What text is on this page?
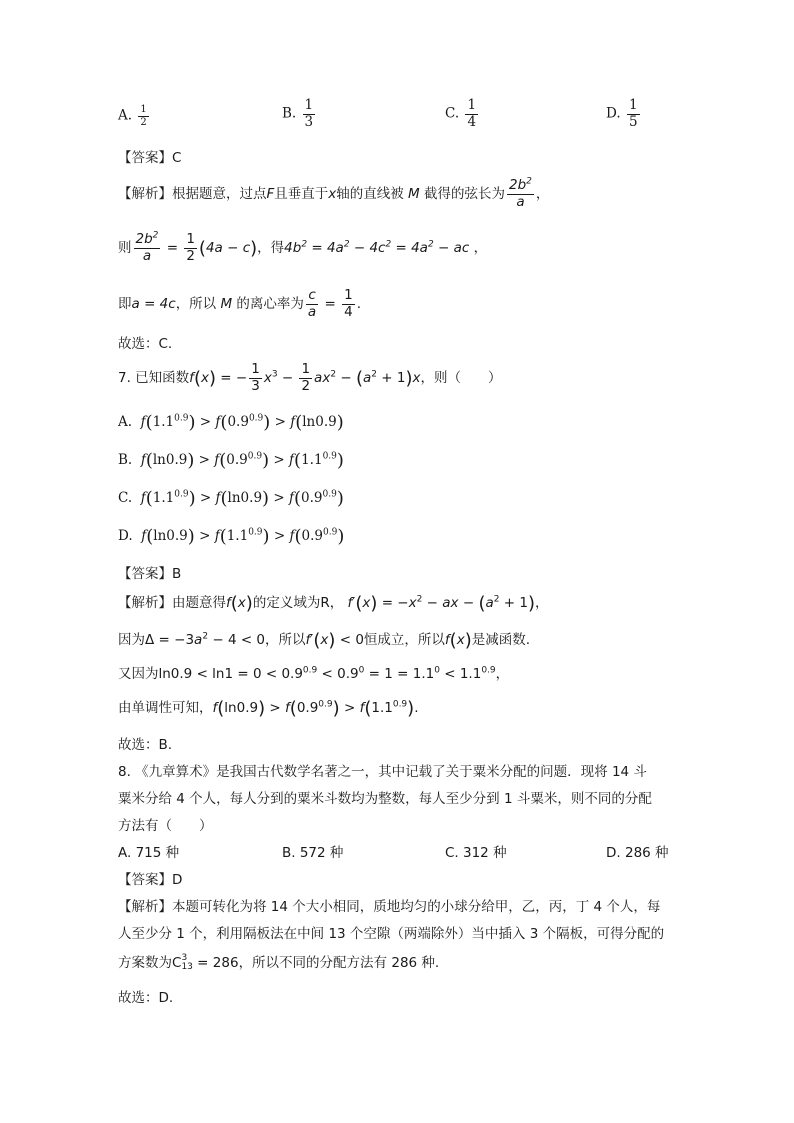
A. $\frac{1}{2}$	B. $\frac{1}{3}$	C. $\frac{1}{4}$	D. $\frac{1}{5}$
【答案】C
【解析】根据题意，过点F且垂直于x轴的直线被 M 截得的弦长为 $\frac{2b^2}{a}$ ，
则 $\frac{2b^2}{a} = \frac{1}{2} (4a - c)$，得$4b^2 = 4a^2 - 4c^2 = 4a^2$ − ac ，
即a = 4c，所以 M 的离心率为 $\frac{c}{a} = \frac{1}{4}$ .
故选：C.
7. 已知函数f(x) = − $\frac{1}{3} x^3 - \frac{1}{2} ax^2 - (a^2 + 1)x$，则（　　）
A. $f(1.1^{0.9}) > f(0.9^{0.9}) > f(\ln 0.9)$
B. $f(\ln 0.9) > f(0.9^{0.9}) > f(1.1^{0.9})$
C. $f(1.1^{0.9}) > f(\ln 0.9) > f(0.9^{0.9})$
D. $f(\ln 0.9) > f(1.1^{0.9}) > f(0.9^{0.9})$
【答案】B
【解析】由题意得f(x)的定义域为R， $f'(x) = -x^2$ − ax − $(a^2 + 1)$，
因为$\Delta = -3a^2 - 4 < 0$，所以f′(x) < 0恒成立，所以f(x)是减函数.
又因为$\ln 0.9 < \ln 1 = 0 < 0.9^{0.9} < 0.9^0 = 1 = 1.1^0 < 1.1^{0.9}$，
由单调性可知，$f(\ln 0.9) > f(0.9^{0.9}) > f(1.1^{0.9})$.
故选：B.
8. 《九章算术》是我国古代数学名著之一，其中记载了关于粟米分配的问题．现将 14 斗
粟米分给 4 个人，每人分到的粟米斗数均为整数，每人至少分到 1 斗粟米，则不同的分配
方法有（　　）
A. 715 种	B. 572 种	C. 312 种	D. 286 种
【答案】D
【解析】本题可转化为将 14 个大小相同，质地均匀的小球分给甲，乙，丙，丁 4 个人，每
人至少分 1 个，利用隔板法在中间 13 个空隙（两端除外）当中插入 3 个隔板，可得分配的
方案数为C 3
13 = 286，所以不同的分配方法有 286 种.
故选：D.
